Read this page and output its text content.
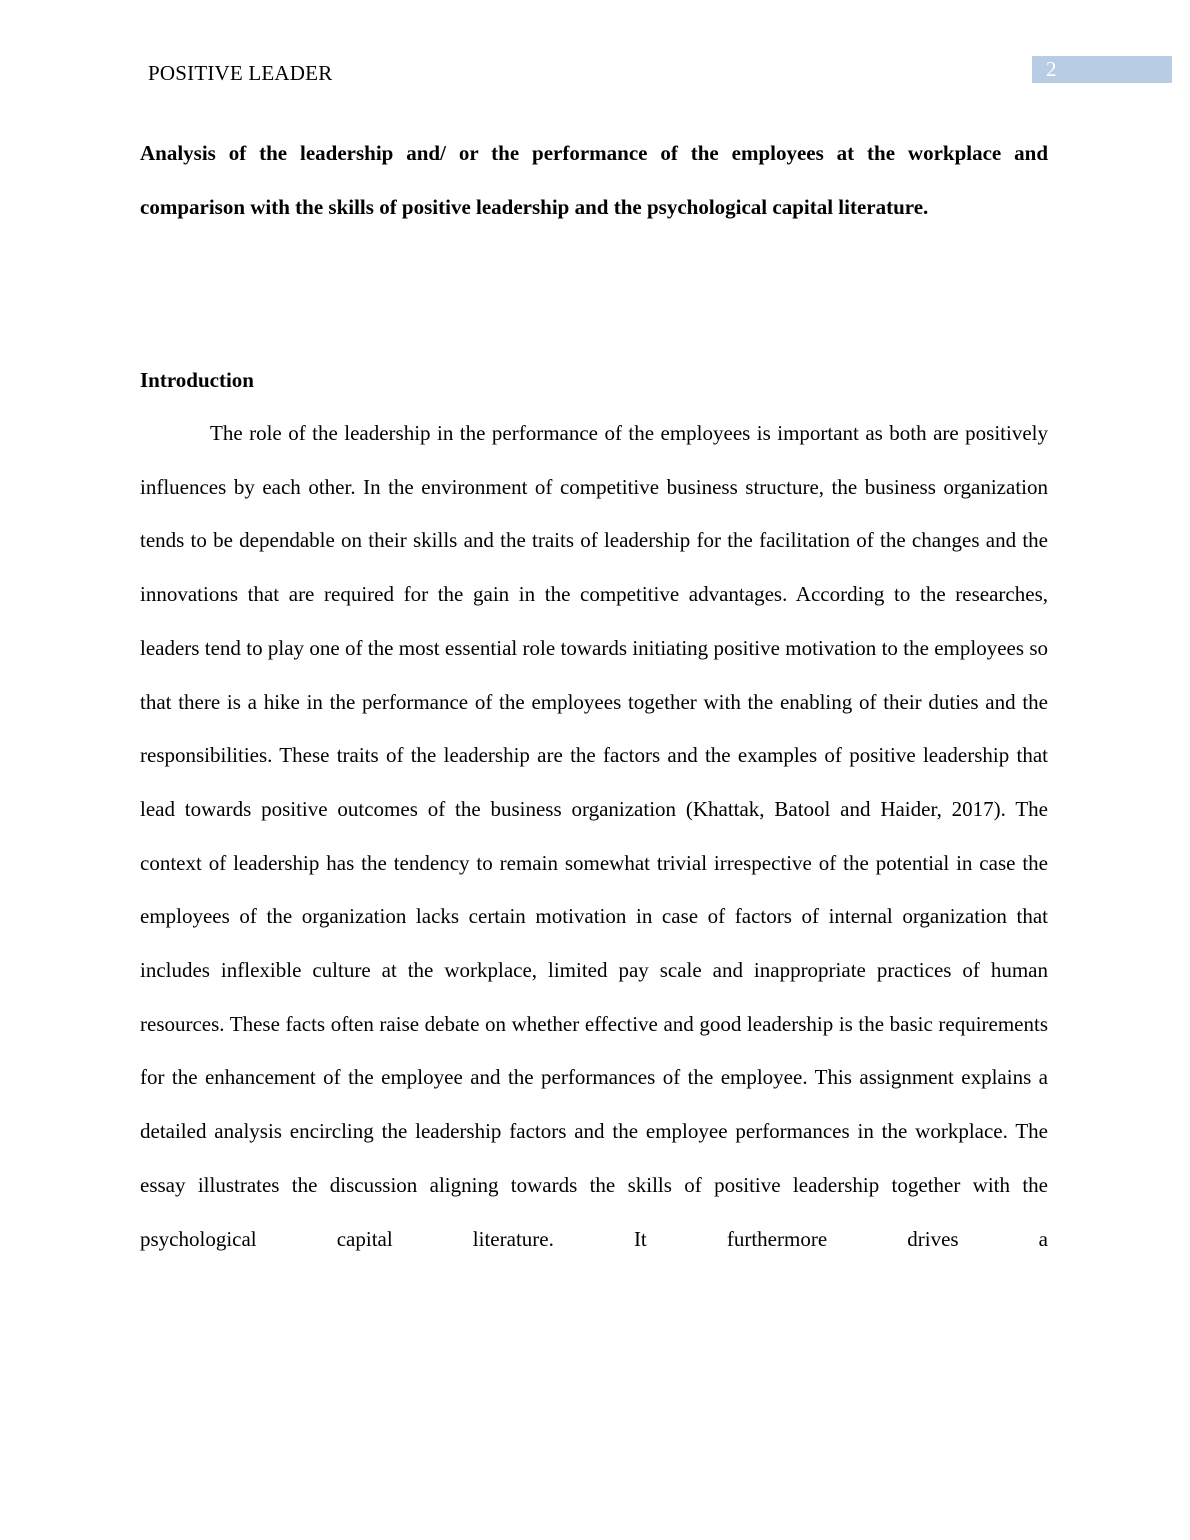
POSITIVE LEADER	2
Analysis of the leadership and/ or the performance of the employees at the workplace and comparison with the skills of positive leadership and the psychological capital literature.
Introduction

The role of the leadership in the performance of the employees is important as both are positively influences by each other. In the environment of competitive business structure, the business organization tends to be dependable on their skills and the traits of leadership for the facilitation of the changes and the innovations that are required for the gain in the competitive advantages. According to the researches, leaders tend to play one of the most essential role towards initiating positive motivation to the employees so that there is a hike in the performance of the employees together with the enabling of their duties and the responsibilities. These traits of the leadership are the factors and the examples of positive leadership that lead towards positive outcomes of the business organization (Khattak, Batool and Haider, 2017). The context of leadership has the tendency to remain somewhat trivial irrespective of the potential in case the employees of the organization lacks certain motivation in case of factors of internal organization that includes inflexible culture at the workplace, limited pay scale and inappropriate practices of human resources. These facts often raise debate on whether effective and good leadership is the basic requirements for the enhancement of the employee and the performances of the employee. This assignment explains a detailed analysis encircling the leadership factors and the employee performances in the workplace. The essay illustrates the discussion aligning towards the skills of positive leadership together with the psychological capital literature. It furthermore drives a
